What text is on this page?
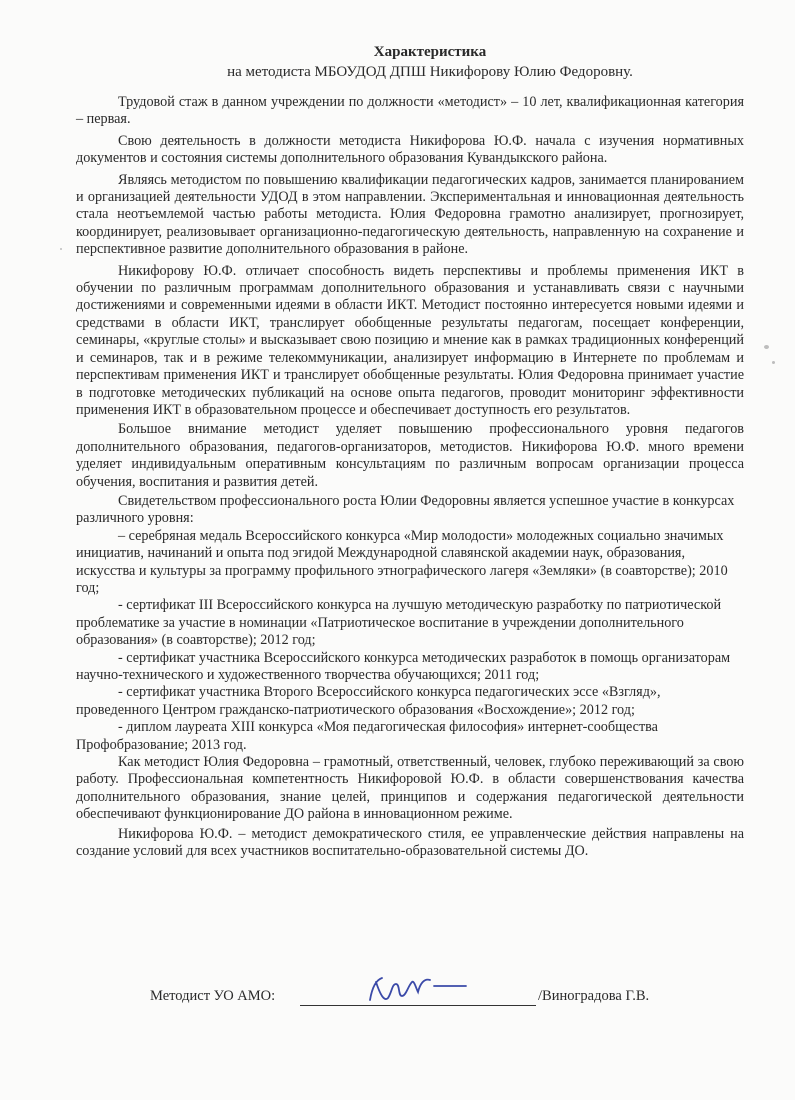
Характеристика
на методиста МБОУДОД ДПШ Никифорову Юлию Федоровну.

Трудовой стаж в данном учреждении по должности «методист» – 10 лет, квалификационная категория – первая.

Свою деятельность в должности методиста Никифорова Ю.Ф. начала с изучения нормативных документов и состояния системы дополнительного образования Кувандыкского района.

Являясь методистом по повышению квалификации педагогических кадров, занимается планированием и организацией деятельности УДОД в этом направлении. Экспериментальная и инновационная деятельность стала неотъемлемой частью работы методиста. Юлия Федоровна грамотно анализирует, прогнозирует, координирует, реализовывает организационно-педагогическую деятельность, направленную на сохранение и перспективное развитие дополнительного образования в районе.

Никифорову Ю.Ф. отличает способность видеть перспективы и проблемы применения ИКТ в обучении по различным программам дополнительного образования и устанавливать связи с научными достижениями и современными идеями в области ИКТ. Методист постоянно интересуется новыми идеями и средствами в области ИКТ, транслирует обобщенные результаты педагогам, посещает конференции, семинары, «круглые столы» и высказывает свою позицию и мнение как в рамках традиционных конференций и семинаров, так и в режиме телекоммуникации, анализирует информацию в Интернете по проблемам и перспективам применения ИКТ и транслирует обобщенные результаты. Юлия Федоровна принимает участие в подготовке методических публикаций на основе опыта педагогов, проводит мониторинг эффективности применения ИКТ в образовательном процессе и обеспечивает доступность его результатов.

Большое внимание методист уделяет повышению профессионального уровня педагогов дополнительного образования, педагогов-организаторов, методистов. Никифорова Ю.Ф. много времени уделяет индивидуальным оперативным консультациям по различным вопросам организации процесса обучения, воспитания и развития детей.

Свидетельством профессионального роста Юлии Федоровны является успешное участие в конкурсах различного уровня:

– серебряная медаль Всероссийского конкурса «Мир молодости» молодежных социально значимых инициатив, начинаний и опыта под эгидой Международной славянской академии наук, образования, искусства и культуры за программу профильного этнографического лагеря «Земляки» (в соавторстве); 2010 год;

- сертификат III Всероссийского конкурса на лучшую методическую разработку по патриотической проблематике за участие в номинации «Патриотическое воспитание в учреждении дополнительного образования» (в соавторстве); 2012 год;

- сертификат участника Всероссийского конкурса методических разработок в помощь организаторам научно-технического и художественного творчества обучающихся; 2011 год;

- сертификат участника Второго Всероссийского конкурса педагогических эссе «Взгляд», проведенного Центром гражданско-патриотического образования «Восхождение»; 2012 год;

- диплом лауреата XIII конкурса «Моя педагогическая философия» интернет-сообщества Профобразование; 2013 год.

Как методист Юлия Федоровна – грамотный, ответственный, человек, глубоко переживающий за свою работу. Профессиональная компетентность Никифоровой Ю.Ф. в области совершенствования качества дополнительного образования, знание целей, принципов и содержания педагогической деятельности обеспечивают функционирование ДО района в инновационном режиме.

Никифорова Ю.Ф. – методист демократического стиля, ее управленческие действия направлены на создание условий для всех участников воспитательно-образовательной системы ДО.

Методист УО АМО:	/Виноградова Г.В.
